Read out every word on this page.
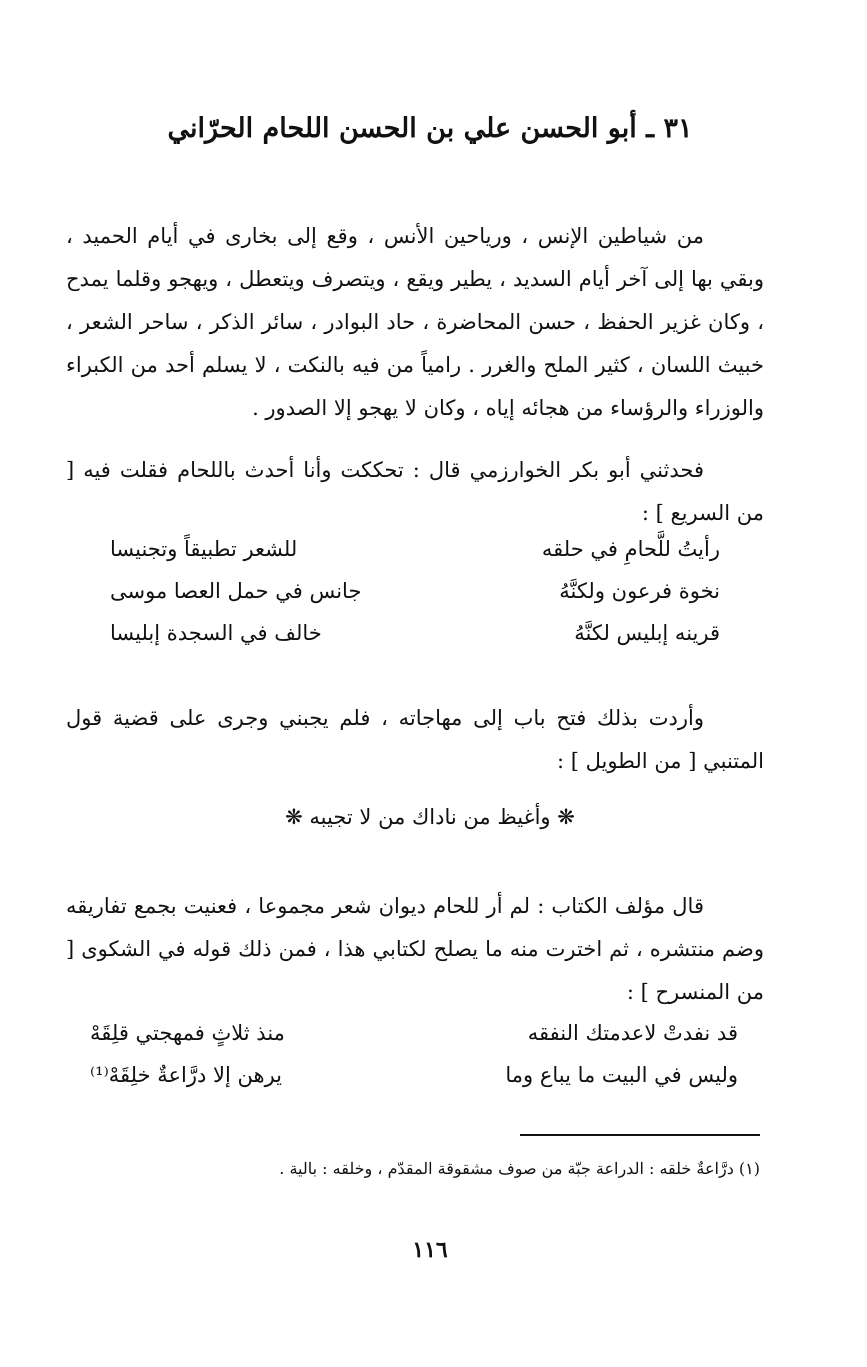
٣١ ـ أبو الحسن علي بن الحسن اللحام الحرّاني

من شياطين الإنس ، ورياحين الأنس ، وقع إلى بخارى في أيام الحميد ، وبقي بها إلى آخر أيام السديد ، يطير ويقع ، ويتصرف ويتعطل ، ويهجو وقلما يمدح ، وكان غزير الحفظ ، حسن المحاضرة ، حاد البوادر ، سائر الذكر ، ساحر الشعر ، خبيث اللسان ، كثير الملح والغرر . رامياً من فيه بالنكت ، لا يسلم أحد من الكبراء والوزراء والرؤساء من هجائه إياه ، وكان لا يهجو إلا الصدور .

فحدثني أبو بكر الخوارزمي قال : تحككت وأنا أحدث باللحام فقلت فيه [ من السريع ] :

رأيتُ للَّحامِ في حلقه
للشعر تطبيقاً وتجنيسا
نخوة فرعون ولكنَّهُ
جانس في حمل العصا موسى
قرينه إبليس لكنَّهُ
خالف في السجدة إبليسا

وأردت بذلك فتح باب إلى مهاجاته ، فلم يجبني وجرى على قضية قول المتنبي [ من الطويل ] :

❋ وأغيظ من ناداك من لا تجيبه ❋

قال مؤلف الكتاب : لم أر للحام ديوان شعر مجموعا ، فعنيت بجمع تفاريقه وضم منتشره ، ثم اخترت منه ما يصلح لكتابي هذا ، فمن ذلك قوله في الشكوى [ من المنسرح ] :

قد نفدتْ لاعدمتك النفقه
منذ ثلاثٍ فمهجتي قلِقَهْ
وليس في البيت ما يباع وما
يرهن إلا درَّاعةٌ خلِقَهْ⁽¹⁾
(١) درَّاعةٌ خلقه : الدراعة جبّة من صوف مشقوقة المقدّم ، وخلقه : بالية .
١١٦
